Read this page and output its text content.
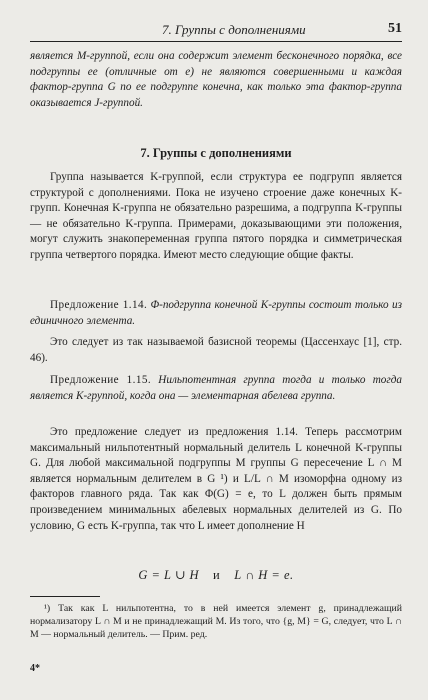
7. Группы с дополнениями	51

является M-группой, если она содержит элемент бесконечного порядка, все подгруппы ее (отличные от e) не являются совершенными и каждая фактор-группа G по ее подгруппе конечна, как только эта фактор-группа оказывается J-группой.

7. Группы с дополнениями

Группа называется K-группой, если структура ее подгрупп является структурой с дополнениями. Пока не изучено строение даже конечных K-групп. Конечная K-группа не обязательно разрешима, а подгруппа K-группы — не обязательно K-группа. Примерами, доказывающими эти положения, могут служить знакопеременная группа пятого порядка и симметрическая группа четвертого порядка. Имеют место следующие общие факты.

Предложение 1.14. Φ-подгруппа конечной K-группы состоит только из единичного элемента.

Это следует из так называемой базисной теоремы (Цассенхаус [1], стр. 46).

Предложение 1.15. Нильпотентная группа тогда и только тогда является K-группой, когда она — элементарная абелева группа.

Это предложение следует из предложения 1.14. Теперь рассмотрим максимальный нильпотентный нормальный делитель L конечной K-группы G. Для любой максимальной подгруппы M группы G пересечение L ∩ M является нормальным делителем в G ¹) и L/L ∩ M изоморфна одному из факторов главного ряда. Так как Φ(G) = e, то L должен быть прямым произведением минимальных абелевых нормальных делителей из G. По условию, G есть K-группа, так что L имеет дополнение H

G = L ∪ H и L ∩ H = e.

¹) Так как L нильпотентна, то в ней имеется элемент g, принадлежащий нормализатору L ∩ M и не принадлежащий M. Из того, что {g, M} = G, следует, что L ∩ M — нормальный делитель. — Прим. ред.

4*
